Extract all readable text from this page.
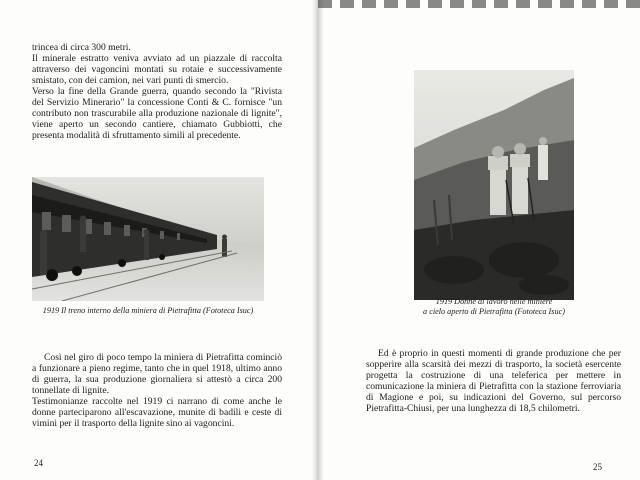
trincea di circa 300 metri.

Il minerale estratto veniva avviato ad un piazzale di raccolta attraverso dei vagoncini montati su rotaie e successivamente smistato, con dei camion, nei vari punti di smercio.

Verso la fine della Grande guerra, quando secondo la "Rivista del Servizio Minerario" la concessione Conti & C. fornisce "un contributo non trascurabile alla produzione nazionale di lignite", viene aperto un secondo cantiere, chiamato Gubbiotti, che presenta modalità di sfruttamento simili al precedente.

1919 Il treno interno della miniera di Pietrafitta (Fototeca Isuc)

Così nel giro di poco tempo la miniera di Pietrafitta cominciò a funzionare a pieno regime, tanto che in quel 1918, ultimo anno di guerra, la sua produzione giornaliera si attestò a circa 200 tonnellate di lignite.

Testimonianze raccolte nel 1919 ci narrano di come anche le donne parteciparono all'escavazione, munite di badili e ceste di vimini per il trasporto della lignite sino ai vagoncini.

24
1919 Donne al lavoro nelle miniere
a cielo aperto di Pietrafitta (Fototeca Isuc)

Ed è proprio in questi momenti di grande produzione che per sopperire alla scarsità dei mezzi di trasporto, la società esercente progetta la costruzione di una teleferica per mettere in comunicazione la miniera di Pietrafitta con la stazione ferroviaria di Magione e poi, su indicazioni del Governo, sul percorso Pietrafitta-Chiusi, per una lunghezza di 18,5 chilometri.

25
